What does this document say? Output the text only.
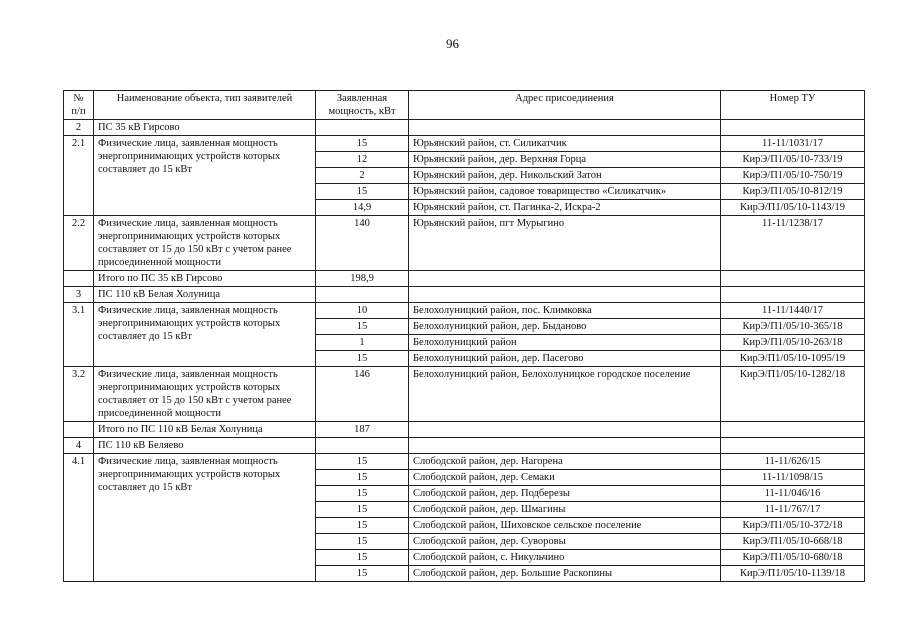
96
№ п/п	Наименование объекта, тип заявителей	Заявленная мощность, кВт	Адрес присоединения	Номер ТУ
2	ПС 35 кВ Гирсово			
2.1	Физические лица, заявленная мощность энергопринимающих устройств которых составляет до 15 кВт	15	Юрьянский район, ст. Силикатчик	11-11/1031/17
		12	Юрьянский район, дер. Верхняя Горца	КирЭ/П1/05/10-733/19
		2	Юрьянский район, дер. Никольский Затон	КирЭ/П1/05/10-750/19
		15	Юрьянский район, садовое товарищество «Силикатчик»	КирЭ/П1/05/10-812/19
		14,9	Юрьянский район, ст. Пагинка-2, Искра-2	КирЭ/П1/05/10-1143/19
2.2	Физические лица, заявленная мощность энергопринимающих устройств которых составляет от 15 до 150 кВт с учетом ранее присоединенной мощности	140	Юрьянский район, пгт Мурыгино	11-11/1238/17
	Итого по ПС 35 кВ Гирсово	198,9		
3	ПС 110 кВ Белая Холуница			
3.1	Физические лица, заявленная мощность энергопринимающих устройств которых составляет до 15 кВт	10	Белохолуницкий район, пос. Климковка	11-11/1440/17
		15	Белохолуницкий район, дер. Быданово	КирЭ/П1/05/10-365/18
		1	Белохолуницкий район	КирЭ/П1/05/10-263/18
		15	Белохолуницкий район, дер. Пасегово	КирЭ/П1/05/10-1095/19
3.2	Физические лица, заявленная мощность энергопринимающих устройств которых составляет от 15 до 150 кВт с учетом ранее присоединенной мощности	146	Белохолуницкий район, Белохолуницкое городское поселение	КирЭ/П1/05/10-1282/18
	Итого по ПС 110 кВ Белая Холуница	187		
4	ПС 110 кВ Беляево			
4.1	Физические лица, заявленная мощность энергопринимающих устройств которых составляет до 15 кВт	15	Слободской район, дер. Нагорена	11-11/626/15
		15	Слободской район, дер. Семаки	11-11/1098/15
		15	Слободской район, дер. Подберезы	11-11/046/16
		15	Слободской район, дер. Шмагины	11-11/767/17
		15	Слободской район, Шиховское сельское поселение	КирЭ/П1/05/10-372/18
		15	Слободской район, дер. Суворовы	КирЭ/П1/05/10-668/18
		15	Слободской район, с. Никульчино	КирЭ/П1/05/10-680/18
		15	Слободской район, дер. Большие Раскопины	КирЭ/П1/05/10-1139/18
